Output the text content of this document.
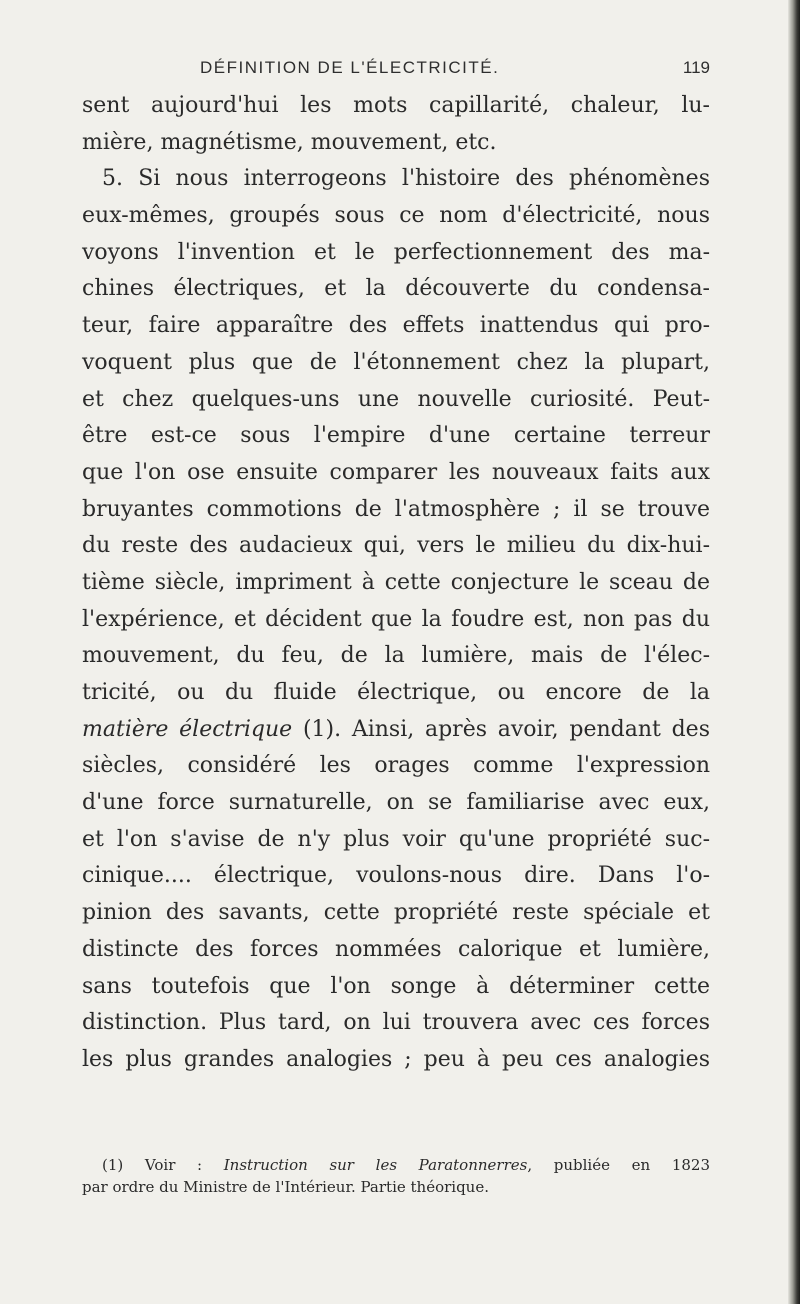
DÉFINITION DE L'ÉLECTRICITÉ.	119
sent aujourd'hui les mots capillarité, chaleur, lu-
mière, magnétisme, mouvement, etc.
5. Si nous interrogeons l'histoire des phénomènes
eux-mêmes, groupés sous ce nom d'électricité, nous
voyons l'invention et le perfectionnement des ma-
chines électriques, et la découverte du condensa-
teur, faire apparaître des effets inattendus qui pro-
voquent plus que de l'étonnement chez la plupart,
et chez quelques-uns une nouvelle curiosité. Peut-
être est-ce sous l'empire d'une certaine terreur
que l'on ose ensuite comparer les nouveaux faits aux
bruyantes commotions de l'atmosphère ; il se trouve
du reste des audacieux qui, vers le milieu du dix-hui-
tième siècle, impriment à cette conjecture le sceau de
l'expérience, et décident que la foudre est, non pas du
mouvement, du feu, de la lumière, mais de l'élec-
tricité, ou du fluide électrique, ou encore de la
matière électrique (1). Ainsi, après avoir, pendant des
siècles, considéré les orages comme l'expression
d'une force surnaturelle, on se familiarise avec eux,
et l'on s'avise de n'y plus voir qu'une propriété suc-
cinique.... électrique, voulons-nous dire. Dans l'o-
pinion des savants, cette propriété reste spéciale et
distincte des forces nommées calorique et lumière,
sans toutefois que l'on songe à déterminer cette
distinction. Plus tard, on lui trouvera avec ces forces
les plus grandes analogies ; peu à peu ces analogies
(1) Voir : Instruction sur les Paratonnerres, publiée en 1823
par ordre du Ministre de l'Intérieur. Partie théorique.
